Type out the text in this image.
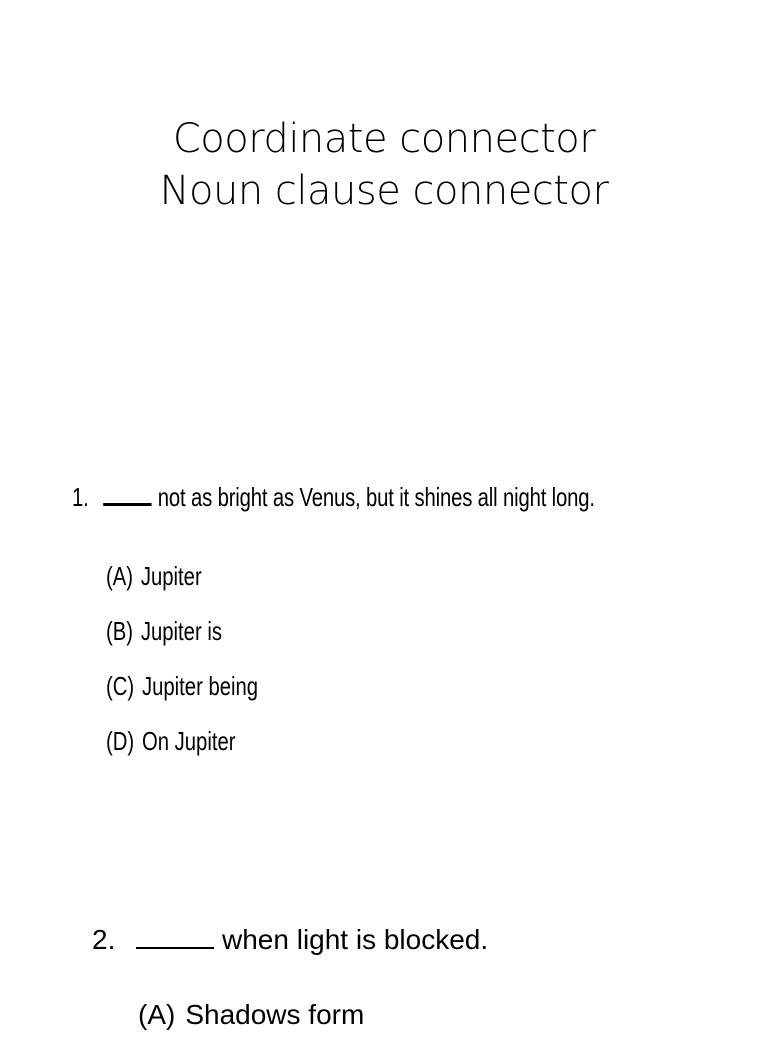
Coordinate connector
Noun clause connector
1.	not as bright as Venus, but it shines all night long.
(A) Jupiter
(B) Jupiter is
(C) Jupiter being
(D) On Jupiter
2.	when light is blocked.
(A) Shadows form
